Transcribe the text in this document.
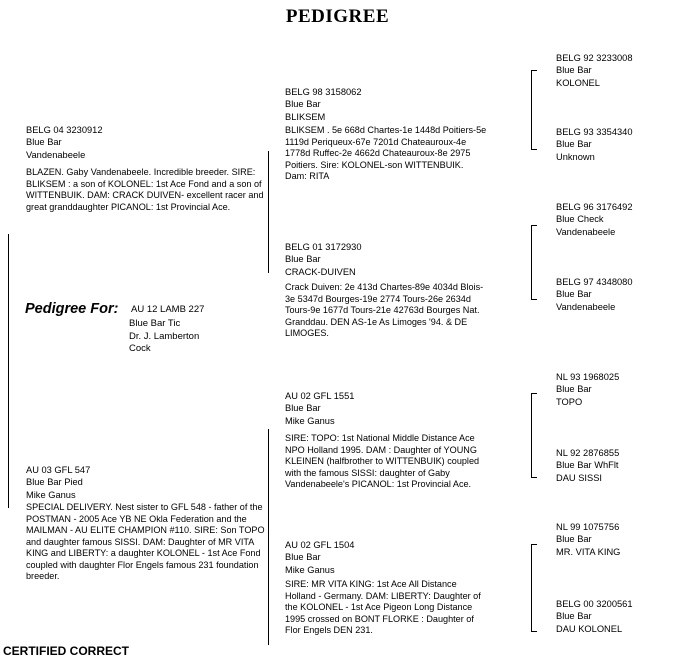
PEDIGREE
BELG 04 3230912
Blue Bar
Vandenabeele
BLAZEN. Gaby Vandenabeele. Incredible breeder. SIRE: BLIKSEM : a son of KOLONEL: 1st Ace Fond and a son of WITTENBUIK. DAM: CRACK DUIVEN- excellent racer and great granddaughter PICANOL: 1st Provincial Ace.
Pedigree For: AU 12 LAMB 227
Blue Bar Tic
Dr. J. Lamberton
Cock
AU 03 GFL 547
Blue Bar Pied
Mike Ganus
SPECIAL DELIVERY. Nest sister to GFL 548 - father of the POSTMAN - 2005 Ace YB NE Okla Federation and the MAILMAN - AU ELITE CHAMPION #110. SIRE: Son TOPO and daughter famous SISSI. DAM: Daughter of MR VITA KING and LIBERTY: a daughter KOLONEL - 1st Ace Fond coupled with daughter Flor Engels famous 231 foundation breeder.
BELG 98 3158062
Blue Bar
BLIKSEM
BLIKSEM . 5e 668d Chartes-1e 1448d Poitiers-5e 1119d Periqueux-67e 7201d Chateauroux-4e 1778d Ruffec-2e 4662d Chateauroux-8e 2975 Poitiers. Sire: KOLONEL-son WITTENBUIK. Dam: RITA
BELG 01 3172930
Blue Bar
CRACK-DUIVEN
Crack Duiven: 2e 413d Chartes-89e 4034d Blois-3e 5347d Bourges-19e 2774 Tours-26e 2634d Tours-9e 1677d Tours-21e 42763d Bourges Nat. Granddau. DEN AS-1e As Limoges '94. & DE LIMOGES.
AU 02 GFL 1551
Blue Bar
Mike Ganus
SIRE: TOPO: 1st National Middle Distance Ace NPO Holland 1995. DAM : Daughter of YOUNG KLEINEN (halfbrother to WITTENBUIK) coupled with the famous SISSI: daughter of Gaby Vandenabeele's PICANOL: 1st Provincial Ace.
AU 02 GFL 1504
Blue Bar
Mike Ganus
SIRE: MR VITA KING: 1st Ace All Distance Holland - Germany. DAM: LIBERTY: Daughter of the KOLONEL - 1st Ace Pigeon Long Distance 1995 crossed on BONT FLORKE : Daughter of Flor Engels DEN 231.
BELG 92 3233008
Blue Bar
KOLONEL
BELG 93 3354340
Blue Bar
Unknown
BELG 96 3176492
Blue Check
Vandenabeele
BELG 97 4348080
Blue Bar
Vandenabeele
NL 93 1968025
Blue Bar
TOPO
NL 92 2876855
Blue Bar WhFlt
DAU SISSI
NL 99 1075756
Blue Bar
MR. VITA KING
BELG 00 3200561
Blue Bar
DAU KOLONEL
CERTIFIED CORRECT
